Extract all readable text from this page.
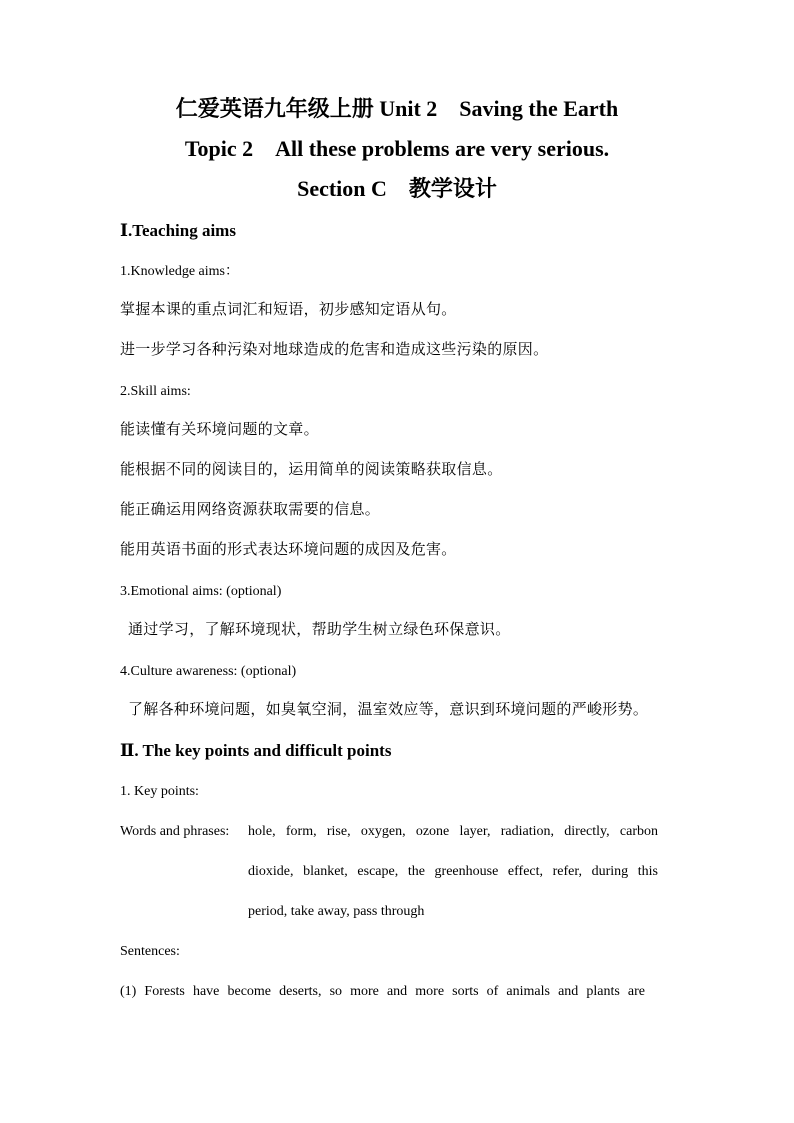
仁爱英语九年级上册 Unit 2    Saving the Earth
Topic 2    All these problems are very serious.
Section C    教学设计
Ⅰ.Teaching aims
1.Knowledge aims：
掌握本课的重点词汇和短语，初步感知定语从句。
进一步学习各种污染对地球造成的危害和造成这些污染的原因。
2.Skill aims:
能读懂有关环境问题的文章。
能根据不同的阅读目的，运用简单的阅读策略获取信息。
能正确运用网络资源获取需要的信息。
能用英语书面的形式表达环境问题的成因及危害。
3.Emotional aims: (optional)
通过学习，了解环境现状，帮助学生树立绿色环保意识。
4.Culture awareness: (optional)
了解各种环境问题，如臭氧空洞，温室效应等，意识到环境问题的严峻形势。
Ⅱ. The key points and difficult points
1. Key points:
Words and phrases: hole, form, rise, oxygen, ozone layer, radiation, directly, carbon
dioxide, blanket, escape, the greenhouse effect, refer, during this
period, take away, pass through
Sentences:
(1) Forests have become deserts, so more and more sorts of animals and plants are
